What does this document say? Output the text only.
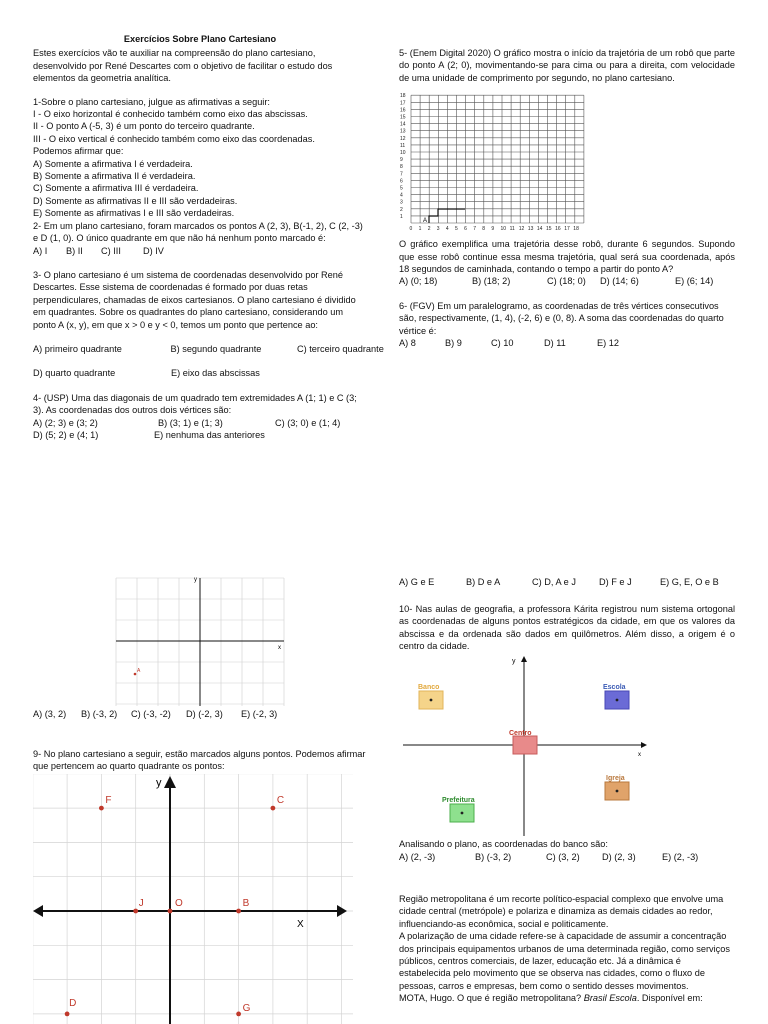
Exercícios Sobre Plano Cartesiano

Estes exercícios vão te auxiliar na compreensão do plano cartesiano, desenvolvido por René Descartes com o objetivo de facilitar o estudo dos elementos da geometria analítica.

1-Sobre o plano cartesiano, julgue as afirmativas a seguir:

I - O eixo horizontal é conhecido também como eixo das abscissas.

II - O ponto A (-5, 3) é um ponto do terceiro quadrante.

III - O eixo vertical é conhecido também como eixo das coordenadas.

Podemos afirmar que:

A) Somente a afirmativa I é verdadeira.

B) Somente a afirmativa II é verdadeira.

C) Somente a afirmativa III é verdadeira.

D) Somente as afirmativas II e III são verdadeiras.

E) Somente as afirmativas I e III são verdadeiras.

2- Em um plano cartesiano, foram marcados os pontos A (2, 3), B(-1, 2), C (2, -3) e D (1, 0). O único quadrante em que não há nenhum ponto marcado é:

A) I	B) II	C) III	D) IV

3- O plano cartesiano é um sistema de coordenadas desenvolvido por René Descartes. Esse sistema de coordenadas é formado por duas retas perpendiculares, chamadas de eixos cartesianos. O plano cartesiano é dividido em quadrantes. Sobre os quadrantes do plano cartesiano, considerando um ponto A (x, y), em que x > 0 e y < 0, temos um ponto que pertence ao:

A) primeiro quadrante	B) segundo quadrante	C) terceiro quadrante
D) quarto quadrante	E) eixo das abscissas

4- (USP) Uma das diagonais de um quadrado tem extremidades A (1; 1) e C (3; 3). As coordenadas dos outros dois vértices são:

A) (2; 3) e (3; 2)	B) (3; 1) e (1; 3)	C) (3; 0) e (1; 4)
D) (5; 2) e (4; 1)	E) nenhuma das anteriores

5- (Enem Digital 2020) O gráfico mostra o início da trajetória de um robô que parte do ponto A (2; 0), movimentando-se para cima ou para a direita, com velocidade de uma unidade de comprimento por segundo, no plano cartesiano.

0 1 2 3 4 5 6 7 8 9 10 11 12 13 14 15 16 17 18
1
2
3
4
5
6
7
8
9
10
11
12
13
14
15
16
17
18
A

O gráfico exemplifica uma trajetória desse robô, durante 6 segundos. Supondo que esse robô continue essa mesma trajetória, qual será sua coordenada, após 18 segundos de caminhada, contando o tempo a partir do ponto A?

A) (0; 18)	B) (18; 2)	C) (18; 0)	D) (14; 6)	E) (6; 14)

6- (FGV) Em um paralelogramo, as coordenadas de três vértices consecutivos são, respectivamente, (1, 4), (-2, 6) e (0, 8). A soma das coordenadas do quarto vértice é:

A) 8	B) 9	C) 10	D) 11	E) 12
y
x
A
A) (3, 2)	B) (-3, 2)	C) (-3, -2)	D) (-2, 3)	E) (-2, 3)

9- No plano cartesiano a seguir, estão marcados alguns pontos. Podemos afirmar que pertencem ao quarto quadrante os pontos:

y
X
F	C
J	O	B
D	G
A) G e E	B) D e A	C) D, A e J	D) F e J	E) G, E, O e B

10- Nas aulas de geografia, a professora Kárita registrou num sistema ortogonal as coordenadas de alguns pontos estratégicos da cidade, em que os valores da abscissa e da ordenada são dados em quilômetros. Além disso, a origem é o centro da cidade.

y
x
Banco	Escola
Centro
Igreja
Prefeitura

Analisando o plano, as coordenadas do banco são:

A) (2, -3)	B) (-3, 2)	C) (3, 2)	D) (2, 3)	E) (2, -3)

Região metropolitana é um recorte político-espacial complexo que envolve uma cidade central (metrópole) e polariza e dinamiza as demais cidades ao redor, influenciando-as econômica, social e politicamente.

A polarização de uma cidade refere-se à capacidade de assumir a concentração dos principais equipamentos urbanos de uma determinada região, como serviços públicos, centros comerciais, de lazer, educação etc. Já a dinâmica é estabelecida pelo movimento que se observa nas cidades, como o fluxo de pessoas, carros e empresas, bem como o sentido desses movimentos.

MOTA, Hugo. O que é região metropolitana? Brasil Escola. Disponível em:
